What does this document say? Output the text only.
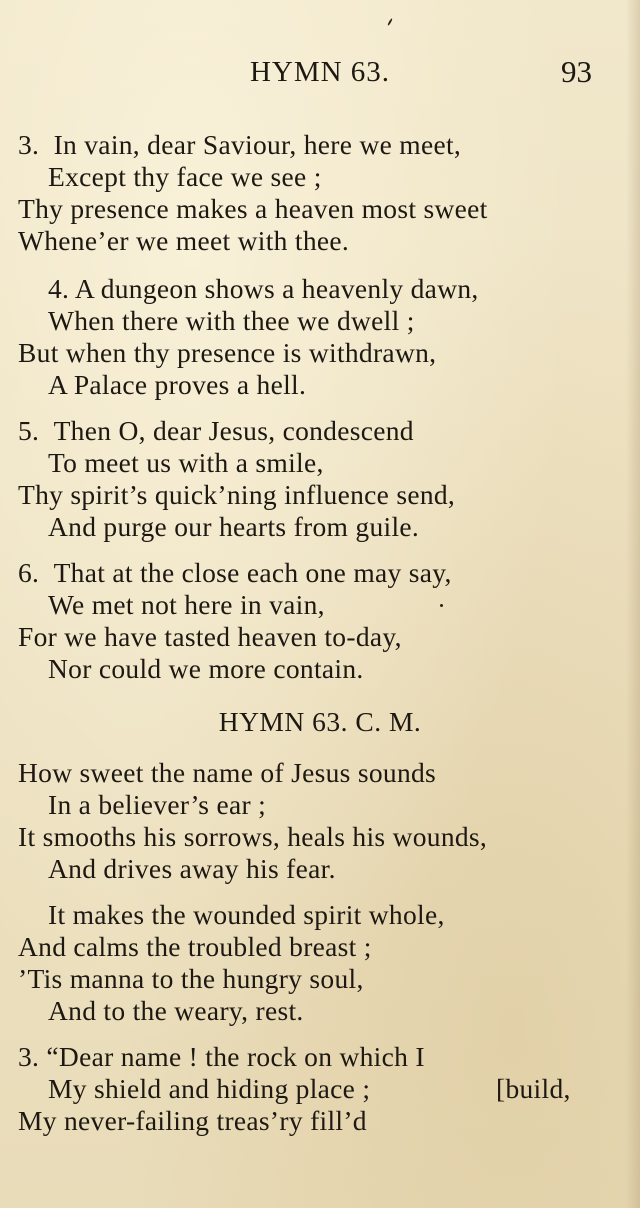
HYMN 63.	93
3.  In vain, dear Saviour, here we meet,
Except thy face we see ;
Thy presence makes a heaven most sweet
Whene’er we meet with thee.
4. A dungeon shows a heavenly dawn,
When there with thee we dwell ;
But when thy presence is withdrawn,
A Palace proves a hell.
5.  Then O, dear Jesus, condescend
To meet us with a smile,
Thy spirit’s quick’ning influence send,
And purge our hearts from guile.
6.  That at the close each one may say,
We met not here in vain,
For we have tasted heaven to-day,
Nor could we more contain.
HYMN 63. C. M.
How sweet the name of Jesus sounds
In a believer’s ear ;
It smooths his sorrows, heals his wounds,
And drives away his fear.
It makes the wounded spirit whole,
And calms the troubled breast ;
’Tis manna to the hungry soul,
And to the weary, rest.
3. “Dear name ! the rock on which I
My shield and hiding place ;	[build,
My never-failing treas’ry fill’d
